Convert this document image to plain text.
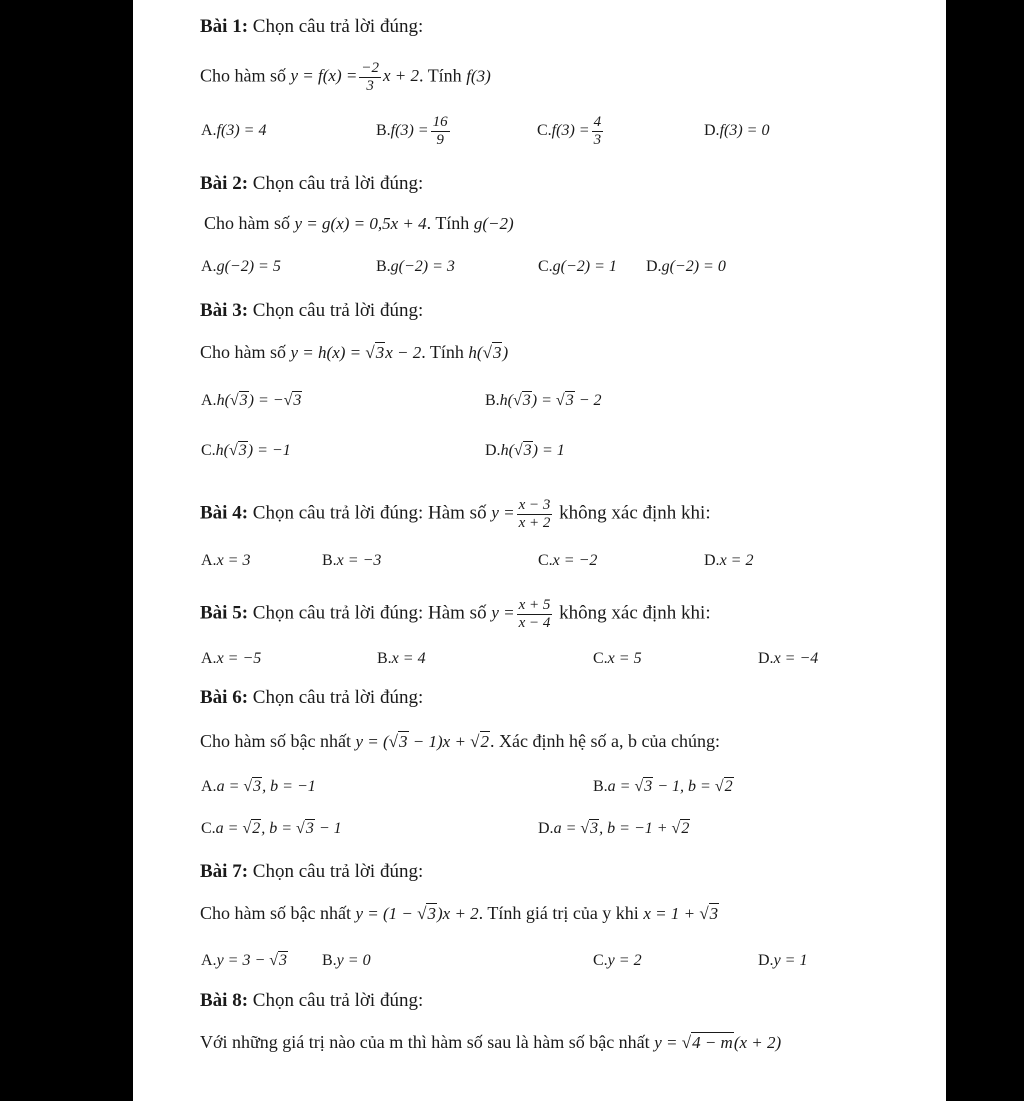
Bài 1: Chọn câu trả lời đúng:
Cho hàm số $y = f(x) = \frac{-2}{3}$ x + 2. Tính f(3)
A.f(3) = 4	$B.f(3) = \frac{16}{9}$	$C.f(3) = \frac{4}{3}$	D.f(3) = 0
Bài 2: Chọn câu trả lời đúng:
Cho hàm số y = g(x) = 0,5x + 4. Tính g(−2)
A.g(−2) = 5	B.g(−2) = 3	C.g(−2) = 1 D.g(−2) = 0
Bài 3: Chọn câu trả lời đúng:
Cho hàm số y = h(x) = √3x − 2. Tính h(√3)
A.h(√3) = −√3	B.h(√3) = √3 − 2
C.h(√3) = −1	D.h(√3) = 1
Bài 4: Chọn câu trả lời đúng: Hàm số $y = \frac{x - 3}{x + 2}$ không xác định khi:
A.x = 3	B.x = −3	C.x = −2	D.x = 2
Bài 5: Chọn câu trả lời đúng: Hàm số $y = \frac{x + 5}{x - 4}$ không xác định khi:
A.x = −5	B.x = 4	C.x = 5	D.x = −4
Bài 6: Chọn câu trả lời đúng:
Cho hàm số bậc nhất y = (√3 − 1)x + √2. Xác định hệ số a, b của chúng:
A.a = √3, b = −1	B.a = √3 − 1, b = √2
C.a = √2, b = √3 − 1	D.a = √3, b = −1 + √2
Bài 7: Chọn câu trả lời đúng:
Cho hàm số bậc nhất y = (1 − √3)x + 2. Tính giá trị của y khi x = 1 + √3
A.y = 3 − √3 B.y = 0	C.y = 2	D.y = 1
Bài 8: Chọn câu trả lời đúng:
Với những giá trị nào của m thì hàm số sau là hàm số bậc nhất y = √4 − m(x + 2)
